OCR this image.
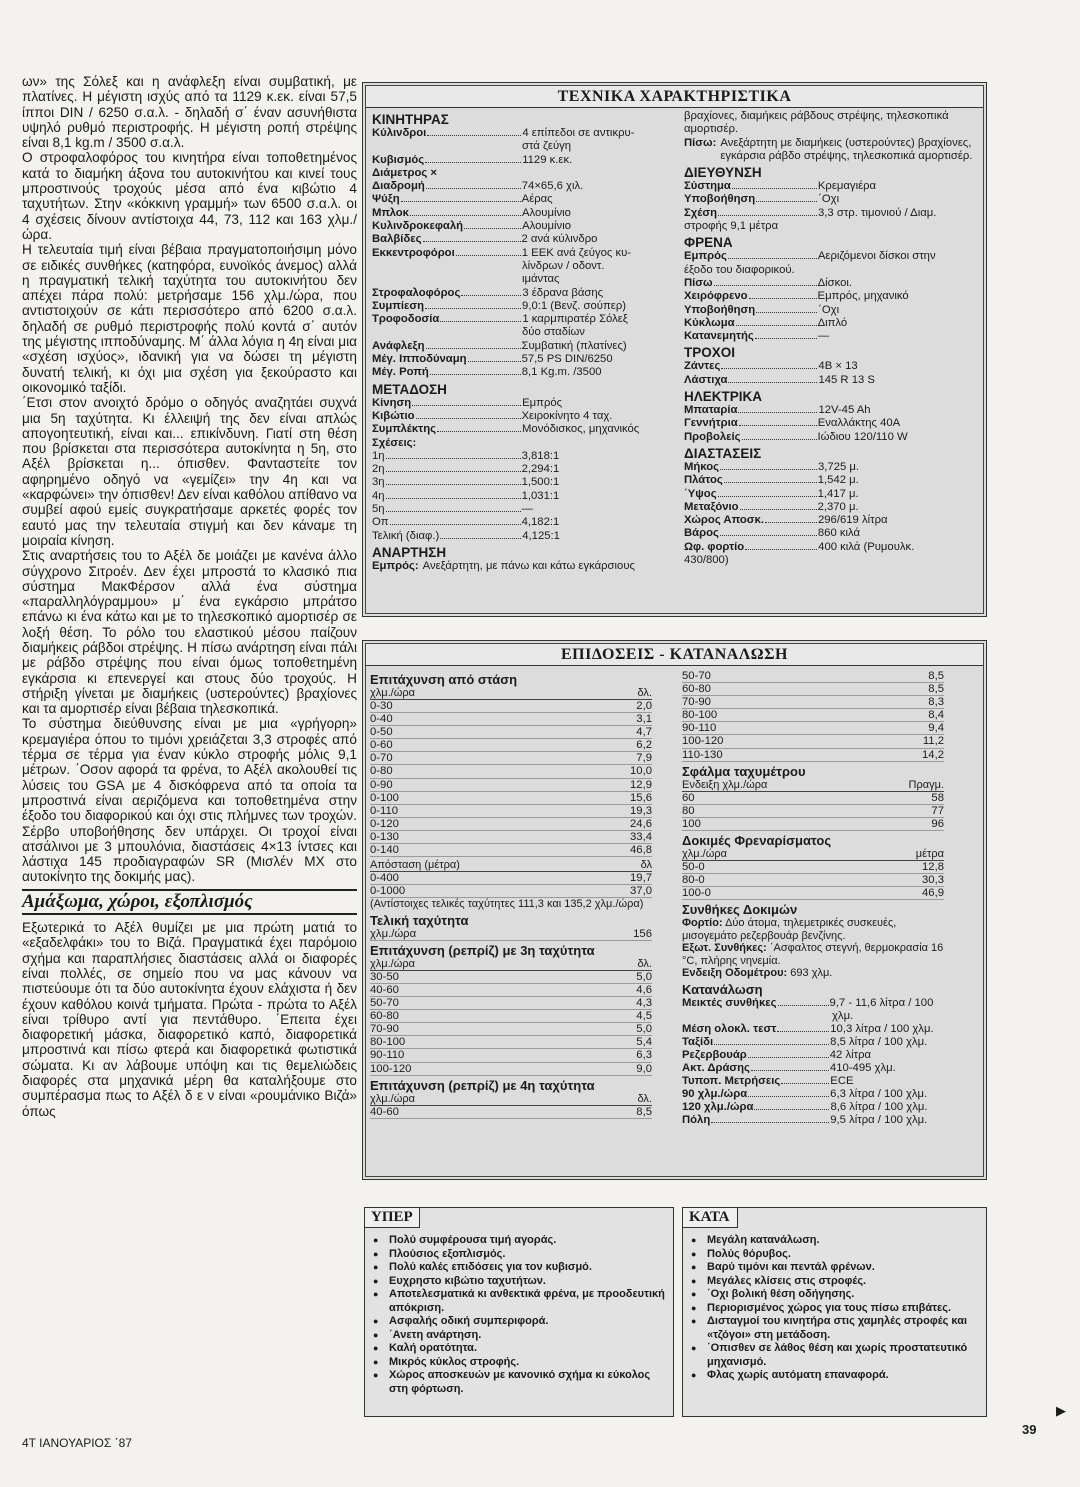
ων» της Σόλεξ και η ανάφλεξη είναι συμβατική, με πλατίνες. Η μέγιστη ισχύς από τα 1129 κ.εκ. είναι 57,5 ίπποι DIN / 6250 σ.α.λ. - δηλαδή σ΄ έναν ασυνήθιστα υψηλό ρυθμό περιστροφής. Η μέγιστη ροπή στρέψης είναι 8,1 kg.m / 3500 σ.α.λ.

Ο στροφαλοφόρος του κινητήρα είναι τοποθετημένος κατά το διαμήκη άξονα του αυτοκινήτου και κινεί τους μπροστινούς τροχούς μέσα από ένα κιβώτιο 4 ταχυτήτων. Στην «κόκκινη γραμμή» των 6500 σ.α.λ. οι 4 σχέσεις δίνουν αντίστοιχα 44, 73, 112 και 163 χλμ./ώρα.

Η τελευταία τιμή είναι βέβαια πραγματοποιήσιμη μόνο σε ειδικές συνθήκες (κατηφόρα, ευνοϊκός άνεμος) αλλά η πραγματική τελική ταχύτητα του αυτοκινήτου δεν απέχει πάρα πολύ: μετρήσαμε 156 χλμ./ώρα, που αντιστοιχούν σε κάτι περισσότερο από 6200 σ.α.λ. δηλαδή σε ρυθμό περιστροφής πολύ κοντά σ΄ αυτόν της μέγιστης ιπποδύναμης. Μ΄ άλλα λόγια η 4η είναι μια «σχέση ισχύος», ιδανική για να δώσει τη μέγιστη δυνατή τελική, κι όχι μια σχέση για ξεκούραστο και οικονομικό ταξίδι.

΄Ετσι στον ανοιχτό δρόμο ο οδηγός αναζητάει συχνά μια 5η ταχύτητα. Κι έλλειψή της δεν είναι απλώς απογοητευτική, είναι και... επικίνδυνη. Γιατί στη θέση που βρίσκεται στα περισσότερα αυτοκίνητα η 5η, στο Αξέλ βρίσκεται η... όπισθεν. Φανταστείτε τον αφηρημένο οδηγό να «γεμίζει» την 4η και να «καρφώνει» την όπισθεν! Δεν είναι καθόλου απίθανο να συμβεί αφού εμείς συγκρατήσαμε αρκετές φορές τον εαυτό μας την τελευταία στιγμή και δεν κάναμε τη μοιραία κίνηση.

Στις αναρτήσεις του το Αξέλ δε μοιάζει με κανένα άλλο σύγχρονο Σιτροέν. Δεν έχει μπροστά το κλασικό πια σύστημα ΜακΦέρσον αλλά ένα σύστημα «παραλληλόγραμμου» μ΄ ένα εγκάρσιο μπράτσο επάνω κι ένα κάτω και με το τηλεσκοπικό αμορτισέρ σε λοξή θέση. Το ρόλο του ελαστικού μέσου παίζουν διαμήκεις ράβδοι στρέψης. Η πίσω ανάρτηση είναι πάλι με ράβδο στρέψης που είναι όμως τοποθετημένη εγκάρσια κι επενεργεί και στους δύο τροχούς. Η στήριξη γίνεται με διαμήκεις (υστερούντες) βραχίονες και τα αμορτισέρ είναι βέβαια τηλεσκοπικά.

Το σύστημα διεύθυνσης είναι με μια «γρήγορη» κρεμαγιέρα όπου το τιμόνι χρειάζεται 3,3 στροφές από τέρμα σε τέρμα για έναν κύκλο στροφής μόλις 9,1 μέτρων. ΄Οσον αφορά τα φρένα, το Αξέλ ακολουθεί τις λύσεις του GSA με 4 δισκόφρενα από τα οποία τα μπροστινά είναι αεριζόμενα και τοποθετημένα στην έξοδο του διαφορικού και όχι στις πλήμνες των τροχών. Σέρβο υποβοήθησης δεν υπάρχει. Οι τροχοί είναι ατσάλινοι με 3 μπουλόνια, διαστάσεις 4×13 ίντσες και λάστιχα 145 προδιαγραφών SR (Μισλέν ΜΧ στο αυτοκίνητο της δοκιμής μας).

Αμάξωμα, χώροι, εξοπλισμός

Εξωτερικά το Αξέλ θυμίζει με μια πρώτη ματιά το «εξαδελφάκι» του το Βιζά. Πραγματικά έχει παρόμοιο σχήμα και παραπλήσιες διαστάσεις αλλά οι διαφορές είναι πολλές, σε σημείο που να μας κάνουν να πιστεύουμε ότι τα δύο αυτοκίνητα έχουν ελάχιστα ή δεν έχουν καθόλου κοινά τμήματα. Πρώτα - πρώτα το Αξέλ είναι τρίθυρο αντί για πεντάθυρο. ΄Επειτα έχει διαφορετική μάσκα, διαφορετικό καπό, διαφορετικά μπροστινά και πίσω φτερά και διαφορετικά φωτιστικά σώματα. Κι αν λάβουμε υπόψη και τις θεμελιώδεις διαφορές στα μηχανικά μέρη θα καταλήξουμε στο συμπέρασμα πως το Αξέλ δ ε ν είναι «ρουμάνικο Βιζά» όπως

ΤΕΧΝΙΚΑ ΧΑΡΑΚΤΗΡΙΣΤΙΚΑ
ΚΙΝΗΤΗΡΑΣ
Κύλινδροι	4 επίπεδοι σε αντικρυ-
στά ζεύγη
Κυβισμός	1129 κ.εκ.
Διάμετρος ×
Διαδρομή	74×65,6 χιλ.
Ψύξη	Αέρας
Μπλοκ	Αλουμίνιο
Κυλινδροκεφαλή	Αλουμίνιο
Βαλβίδες	2 ανά κύλινδρο
Εκκεντροφόροι	1 ΕΕΚ ανά ζεύγος κυ-
λίνδρων / οδοντ.
ιμάντας
Στροφαλοφόρος	3 έδρανα βάσης
Συμπίεση	9,0:1 (Βενζ. σούπερ)
Τροφοδοσία	1 καρμπιρατέρ Σόλεξ
δύο σταδίων
Ανάφλεξη	Συμβατική (πλατίνες)
Μέγ. Ιπποδύναμη	57,5 PS DIN/6250
Μέγ. Ροπή	8,1 Kg.m. /3500
ΜΕΤΑΔΟΣΗ
Κίνηση	Εμπρός
Κιβώτιο	Χειροκίνητο 4 ταχ.
Συμπλέκτης	Μονόδισκος, μηχανικός
Σχέσεις:
1η	3,818:1
2η	2,294:1
3η	1,500:1
4η	1,031:1
5η	—
Οπ	4,182:1
Τελική (διαφ.)	4,125:1
ΑΝΑΡΤΗΣΗ
Εμπρός: Ανεξάρτητη, με πάνω και κάτω εγκάρσιους
βραχίονες, διαμήκεις ράβδους στρέψης, τηλεσκοπικά αμορτισέρ.
Πίσω: Ανεξάρτητη με διαμήκεις (υστερούντες) βραχίονες, εγκάρσια ράβδο στρέψης, τηλεσκοπικά αμορτισέρ.
ΔΙΕΥΘΥΝΣΗ
Σύστημα	Κρεμαγιέρα
Υποβοήθηση	΄Οχι
Σχέση	3,3 στρ. τιμονιού / Διαμ.
στροφής 9,1 μέτρα
ΦΡΕΝΑ
Εμπρός	Αεριζόμενοι δίσκοι στην
έξοδο του διαφορικού.
Πίσω	Δίσκοι.
Χειρόφρενο	Εμπρός, μηχανικό
Υποβοήθηση	΄Οχι
Κύκλωμα	Διπλό
Κατανεμητής	—
ΤΡΟΧΟΙ
Ζάντες	4B × 13
Λάστιχα	145 R 13 S
ΗΛΕΚΤΡΙΚΑ
Μπαταρία	12V-45 Ah
Γεννήτρια	Εναλλάκτης 40Α
Προβολείς	Ιώδιου 120/110 W
ΔΙΑΣΤΑΣΕΙΣ
Μήκος	3,725 μ.
Πλάτος	1,542 μ.
΄Υψος	1,417 μ.
Μεταξόνιο	2,370 μ.
Χώρος Αποσκ.	296/619 λίτρα
Βάρος	860 κιλά
Ωφ. φορτίο	400 κιλά (Ρυμουλκ.
430/800)
ΕΠΙΔΟΣΕΙΣ - ΚΑΤΑΝΑΛΩΣΗ
Επιτάχυνση από στάση
χλμ./ώρα	δλ.
0-30	2,0
0-40	3,1
0-50	4,7
0-60	6,2
0-70	7,9
0-80	10,0
0-90	12,9
0-100	15,6
0-110	19,3
0-120	24,6
0-130	33,4
0-140	46,8
Απόσταση (μέτρα)	δλ
0-400	19,7
0-1000	37,0
(Αντίστοιχες τελικές ταχύτητες 111,3 και 135,2 χλμ./ώρα)
Τελική ταχύτητα
χλμ./ώρα	156
Επιτάχυνση (ρεπρίζ) με 3η ταχύτητα
χλμ./ώρα	δλ.
30-50	5,0
40-60	4,6
50-70	4,3
60-80	4,5
70-90	5,0
80-100	5,4
90-110	6,3
100-120	9,0
Επιτάχυνση (ρεπρίζ) με 4η ταχύτητα
χλμ./ώρα	δλ.
40-60	8,5
50-70	8,5
60-80	8,5
70-90	8,3
80-100	8,4
90-110	9,4
100-120	11,2
110-130	14,2
Σφάλμα ταχυμέτρου
Ενδειξη χλμ./ώρα	Πραγμ.
60	58
80	77
100	96
Δοκιμές Φρεναρίσματος
χλμ./ώρα	μέτρα
50-0	12,8
80-0	30,3
100-0	46,9
Συνθήκες Δοκιμών
Φορτίο: Δύο άτομα, τηλεμετρικές συσκευές, μισογεμάτο ρεζερβουάρ βενζίνης.
Εξωτ. Συνθήκες: ΄Ασφαλτος στεγνή, θερμοκρασία 16 °C, πλήρης νηνεμία.
Ενδειξη Οδομέτρου: 693 χλμ.
Κατανάλωση
Μεικτές συνθήκες	9,7 - 11,6 λίτρα / 100
χλμ.
Μέση ολοκλ. τεστ	10,3 λίτρα / 100 χλμ.
Ταξίδι	8,5 λίτρα / 100 χλμ.
Ρεζερβουάρ	42 λίτρα
Ακτ. Δράσης	410-495 χλμ.
Τυποπ. Μετρήσεις	ECE
90 χλμ./ώρα	6,3 λίτρα / 100 χλμ.
120 χλμ./ώρα	8,6 λίτρα / 100 χλμ.
Πόλη	9,5 λίτρα / 100 χλμ.
ΥΠΕΡ
● Πολύ συμφέρουσα τιμή αγοράς.
● Πλούσιος εξοπλισμός.
● Πολύ καλές επιδόσεις για τον κυβισμό.
● Ευχρηστο κιβώτιο ταχυτήτων.
● Αποτελεσματικά κι ανθεκτικά φρένα, με προοδευτική απόκριση.
● Ασφαλής οδική συμπεριφορά.
● ΄Ανετη ανάρτηση.
● Καλή ορατότητα.
● Μικρός κύκλος στροφής.
● Χώρος αποσκευών με κανονικό σχήμα κι εύκολος στη φόρτωση.
ΚΑΤΑ
● Μεγάλη κατανάλωση.
● Πολύς θόρυβος.
● Βαρύ τιμόνι και πεντάλ φρένων.
● Μεγάλες κλίσεις στις στροφές.
● ΄Οχι βολική θέση οδήγησης.
● Περιορισμένος χώρος για τους πίσω επιβάτες.
● Δισταγμοί του κινητήρα στις χαμηλές στροφές και «τζόγοι» στη μετάδοση.
● ΄Οπισθεν σε λάθος θέση και χωρίς προστατευτικό μηχανισμό.
● Φλας χωρίς αυτόματη επαναφορά.
4Τ ΙΑΝΟΥΑΡΙΟΣ ΄87
39
▶
